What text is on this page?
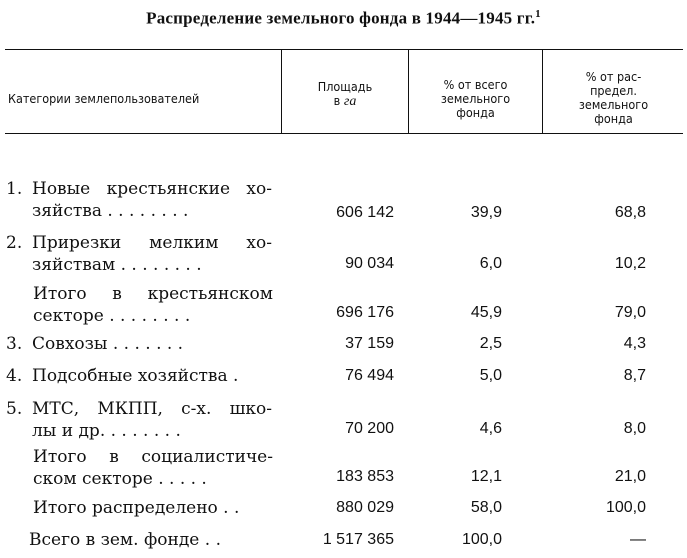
Распределение земельного фонда в 1944—1945 гг.$^1$
Категории землепользователей
Площадь
в га
% от всего
земельного
фонда
% от рас-
предел.
земельного
фонда
1. Новые крестьянские хо-
зяйства . . . . . . . .	606 142	39,9	68,8
2. Прирезки мелким хо-
зяйствам . . . . . . . .	90 034	6,0	10,2
Итого в крестьянском
секторе . . . . . . . .	696 176	45,9	79,0
3. Совхозы . . . . . . .	37 159	2,5	4,3
4. Подсобные хозяйства .	76 494	5,0	8,7
5. МТС, МКПП, с-х. шко-
лы и др. . . . . . . .	70 200	4,6	8,0
Итого в социалистиче-
ском секторе . . . . .	183 853	12,1	21,0
Итого распределено . .	880 029	58,0	100,0
Всего в зем. фонде . .	1 517 365	100,0	—
